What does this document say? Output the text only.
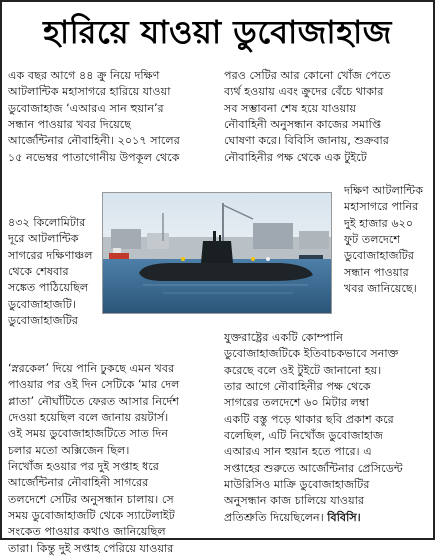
হারিয়ে যাওয়া ডুবোজাহাজ
এক বছর আগে ৪৪ ক্রু নিয়ে দক্ষিণ
আটলান্টিক মহাসাগরে হারিয়ে যাওয়া
ডুবোজাহাজ ‘এআরএ সান হুয়ান’র
সন্ধান পাওয়ার খবর দিয়েছে
আর্জেন্টিনার নৌবাহিনী। ২০১৭ সালের
১৫ নভেম্বর পাতাগোনীয় উপকূল থেকে
৪৩২ কিলোমিটার
দূরে আটলান্টিক
সাগরের দক্ষিণাঞ্চল
থেকে শেষবার
সঙ্কেত পাঠিয়েছিল
ডুবোজাহাজটি।
ডুবোজাহাজটির
‘স্নরকেল’ দিয়ে পানি ঢুকছে এমন খবর
পাওয়ার পর ওই দিন সেটিকে ‘মার দেল
প্লাতা’ নৌঘাঁটিতে ফেরত আসার নির্দেশ
দেওয়া হয়েছিল বলে জানায় রয়টার্স।
ওই সময় ডুবোজাহাজটিতে সাত দিন
চলার মতো অক্সিজেন ছিল।
নিখোঁজ হওয়ার পর দুই সপ্তাহ ধরে
আর্জেন্টিনার নৌবাহিনী সাগরের
তলদেশে সেটির অনুসন্ধান চালায়। সে
সময় ডুবোজাহাজটি থেকে স্যাটেলাইট
সংকেত পাওয়ার কথাও জানিয়েছিল
তারা। কিন্তু দুই সপ্তাহ পেরিয়ে যাওয়ার
পরও সেটির আর কোনো খোঁজ পেতে
ব্যর্থ হওয়ায় এবং ক্রুদের বেঁচে থাকার
সব সম্ভাবনা শেষ হয়ে যাওয়ায়
নৌবাহিনী অনুসন্ধান কাজের সমাপ্তি
ঘোষণা করে। বিবিসি জানায়, শুক্রবার
নৌবাহিনীর পক্ষ থেকে এক টুইটে
দক্ষিণ আটলান্টিক
মহাসাগরে পানির
দুই হাজার ৬২০
ফুট তলদেশে
ডুবোজাহাজটির
সন্ধান পাওয়ার
খবর জানিয়েছে।
যুক্তরাষ্ট্রের একটি কোম্পানি
ডুবোজাহাজটিকে ইতিবাচকভাবে সনাক্ত
করেছে বলে ওই টুইটে জানানো হয়।
তার আগে নৌবাহিনীর পক্ষ থেকে
সাগরের তলদেশে ৬০ মিটার লম্বা
একটি বস্তু পড়ে থাকার ছবি প্রকাশ করে
বলেছিল, এটি নিখোঁজ ডুবোজাহাজ
এআরএ সান হুয়ান হতে পারে। এ
সপ্তাহের শুরুতে আর্জেন্টিনার প্রেসিডেন্ট
মাউরিসিও মাক্রি ডুবোজাহাজটির
অনুসন্ধান কাজ চালিয়ে যাওয়ার
প্রতিশ্রুতি দিয়েছিলেন। বিবিসি।
